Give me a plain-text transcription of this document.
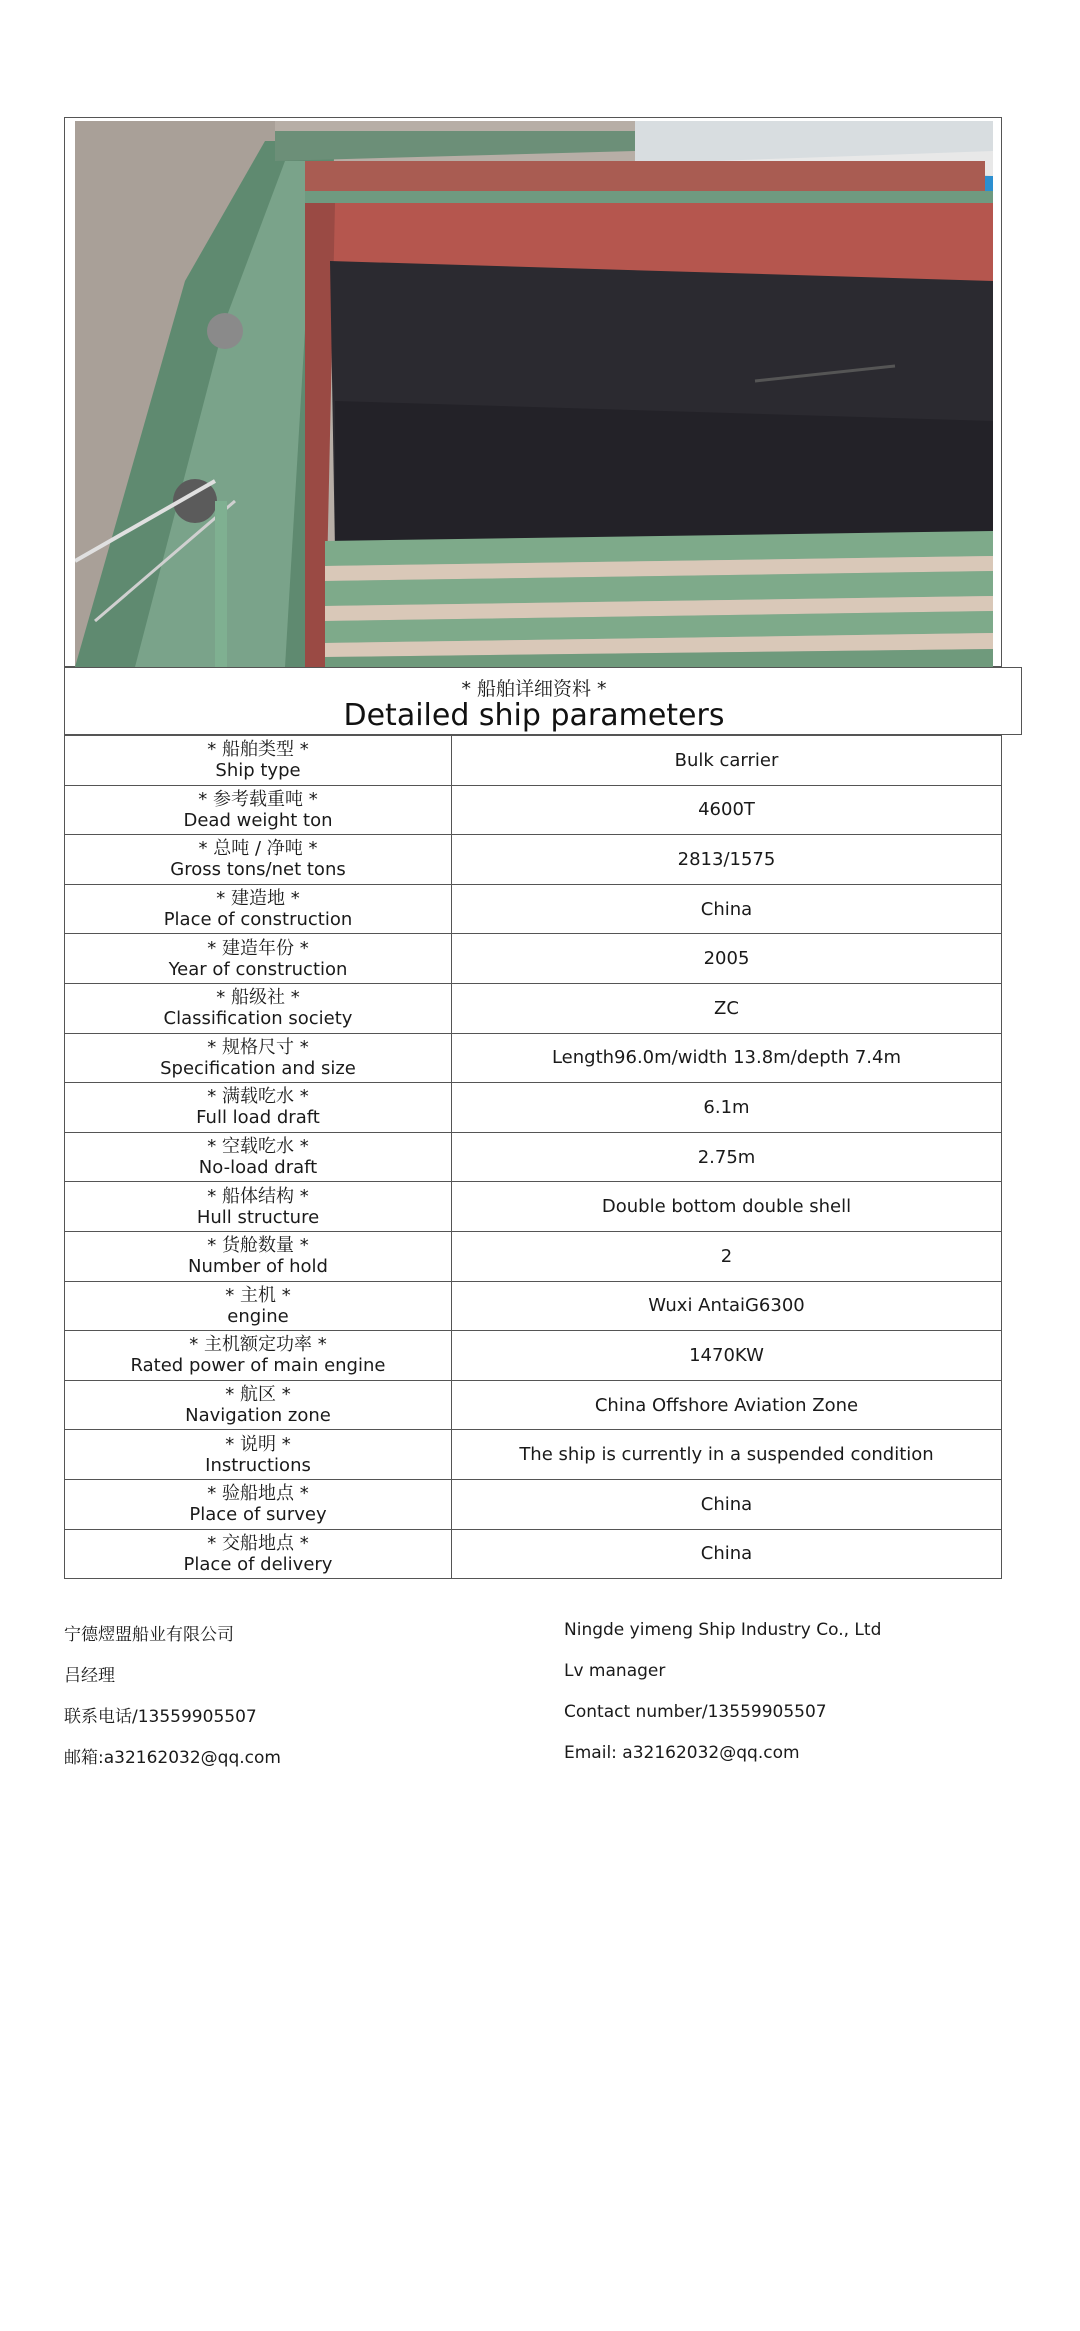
* 船舶详细资料 *
Detailed ship parameters
* 船舶类型 *
Ship type	Bulk carrier

* 参考载重吨 *
Dead weight ton	4600T

* 总吨 / 净吨 *
Gross tons/net tons	2813/1575

* 建造地 *
Place of construction	China

* 建造年份 *
Year of construction	2005

* 船级社 *
Classification society	ZC

* 规格尺寸 *
Specification and size	Length96.0m/width 13.8m/depth 7.4m

* 满载吃水 *
Full load draft	6.1m

* 空载吃水 *
No-load draft	2.75m

* 船体结构 *
Hull structure	Double bottom double shell

* 货舱数量 *
Number of hold	2

* 主机 *
engine	Wuxi AntaiG6300

* 主机额定功率 *
Rated power of main engine	1470KW

* 航区 *
Navigation zone	China Offshore Aviation Zone

* 说明 *
Instructions	The ship is currently in a suspended condition

* 验船地点 *
Place of survey	China

* 交船地点 *
Place of delivery	China
宁德熤盟船业有限公司	Ningde yimeng Ship Industry Co., Ltd
吕经理	Lv manager
联系电话/13559905507	Contact number/13559905507
邮箱:a32162032@qq.com	Email: a32162032@qq.com
